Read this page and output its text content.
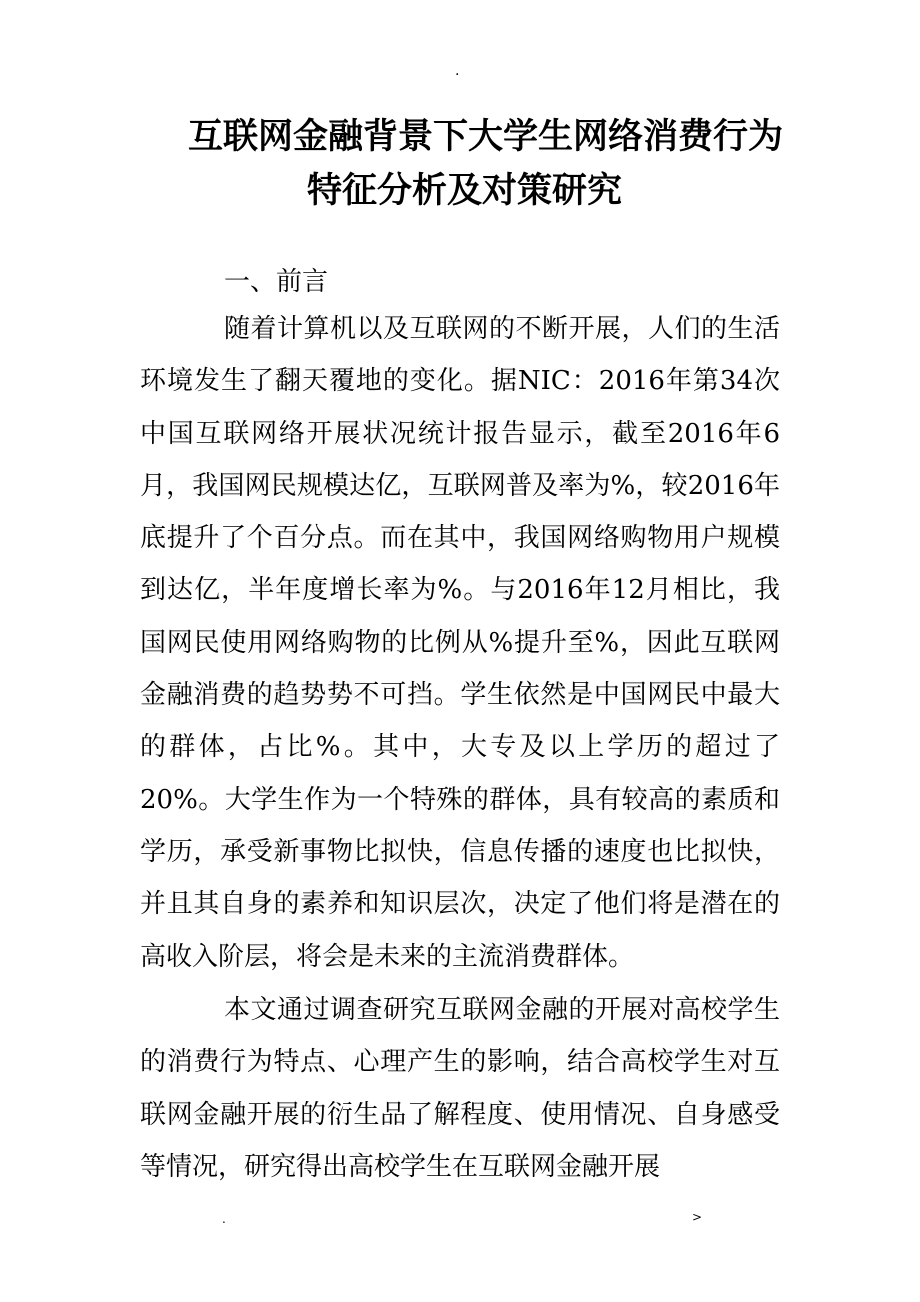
.
互联网金融背景下大学生网络消费行为
特征分析及对策研究
一、前言

随着计算机以及互联网的不断开展，人们的生活环境发生了翻天覆地的变化。据NIC：2016年第34次中国互联网络开展状况统计报告显示，截至2016年6月，我国网民规模达亿，互联网普及率为%，较2016年底提升了个百分点。而在其中，我国网络购物用户规模到达亿，半年度增长率为%。与2016年12月相比，我国网民使用网络购物的比例从%提升至%，因此互联网金融消费的趋势势不可挡。学生依然是中国网民中最大的群体，占比%。其中，大专及以上学历的超过了20%。大学生作为一个特殊的群体，具有较高的素质和学历，承受新事物比拟快，信息传播的速度也比拟快，并且其自身的素养和知识层次，决定了他们将是潜在的高收入阶层，将会是未来的主流消费群体。

本文通过调查研究互联网金融的开展对高校学生的消费行为特点、心理产生的影响，结合高校学生对互联网金融开展的衍生品了解程度、使用情况、自身感受等情况，研究得出高校学生在互联网金融开展

.	>
